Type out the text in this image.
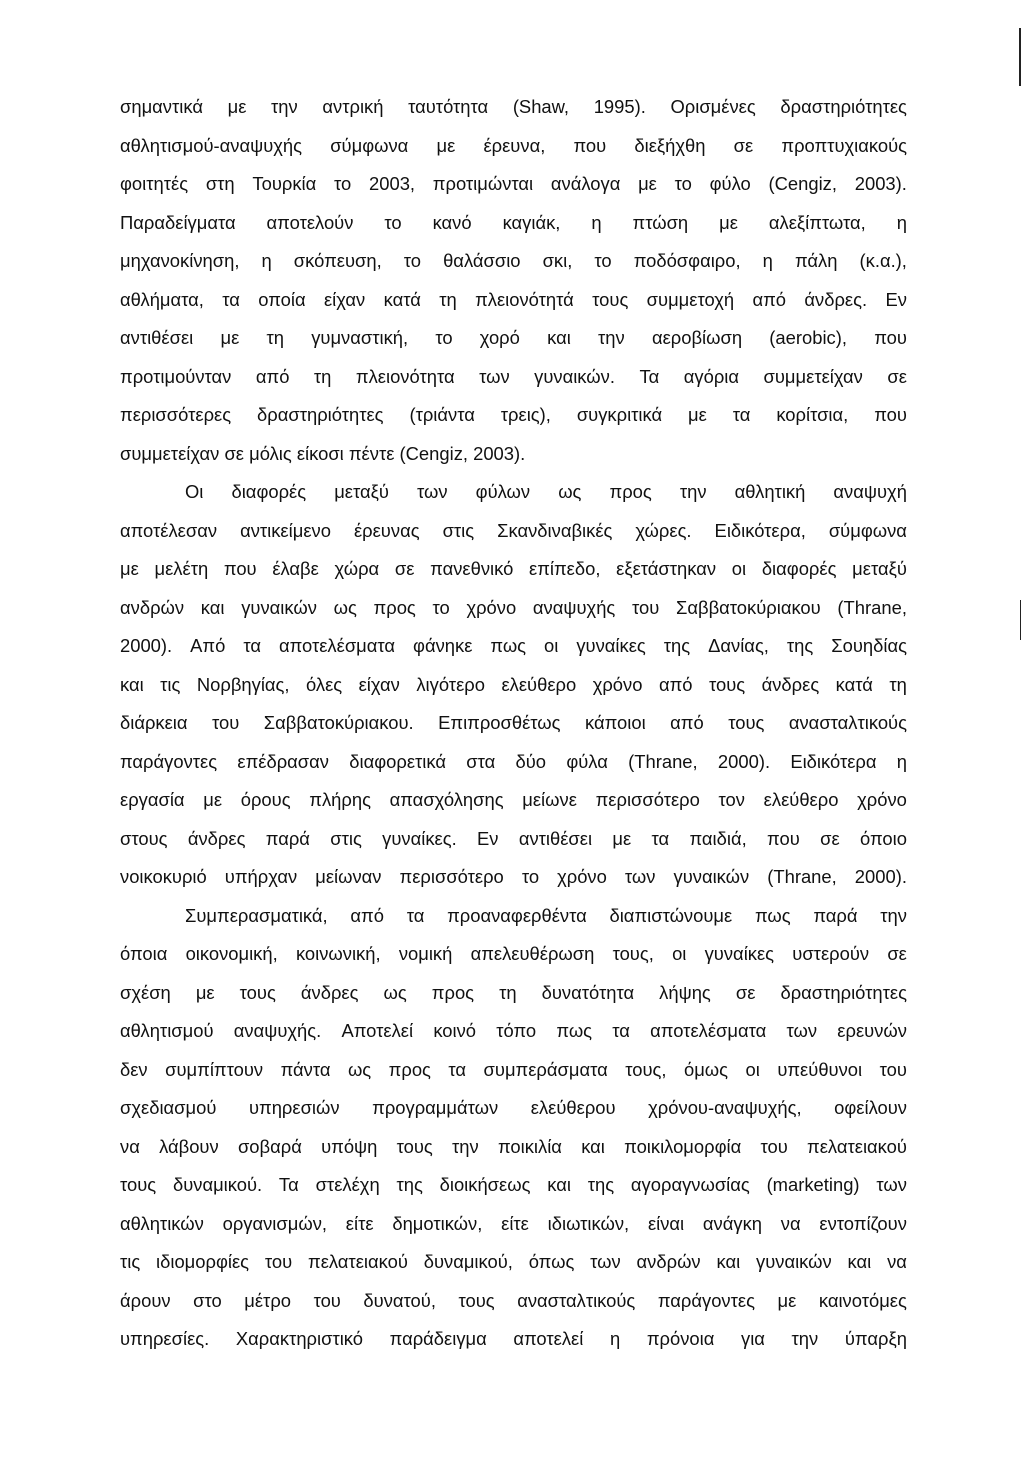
σημαντικά με την αντρική ταυτότητα (Shaw, 1995). Ορισμένες δραστηριότητες
αθλητισμού-αναψυχής σύμφωνα με έρευνα, που διεξήχθη σε προπτυχιακούς
φοιτητές στη Τουρκία το 2003, προτιμώνται ανάλογα με το φύλο (Cengiz, 2003).
Παραδείγματα αποτελούν το κανό καγιάκ, η πτώση με αλεξίπτωτα, η
μηχανοκίνηση, η σκόπευση, το θαλάσσιο σκι, το ποδόσφαιρο, η πάλη (κ.α.),
αθλήματα, τα οποία είχαν κατά τη πλειονότητά τους συμμετοχή από άνδρες. Εν
αντιθέσει με τη γυμναστική, το χορό και την αεροβίωση (aerobic), που
προτιμούνταν από τη πλειονότητα των γυναικών. Τα αγόρια συμμετείχαν σε
περισσότερες δραστηριότητες (τριάντα τρεις), συγκριτικά με τα κορίτσια, που
συμμετείχαν σε μόλις είκοσι πέντε (Cengiz, 2003).
Οι διαφορές μεταξύ των φύλων ως προς την αθλητική αναψυχή
αποτέλεσαν αντικείμενο έρευνας στις Σκανδιναβικές χώρες. Ειδικότερα, σύμφωνα
με μελέτη που έλαβε χώρα σε πανεθνικό επίπεδο, εξετάστηκαν οι διαφορές μεταξύ
ανδρών και γυναικών ως προς το χρόνο αναψυχής του Σαββατοκύριακου (Thrane,
2000). Από τα αποτελέσματα φάνηκε πως οι γυναίκες της Δανίας, της Σουηδίας
και τις Νορβηγίας, όλες είχαν λιγότερο ελεύθερο χρόνο από τους άνδρες κατά τη
διάρκεια του Σαββατοκύριακου. Επιπροσθέτως κάποιοι από τους ανασταλτικούς
παράγοντες επέδρασαν διαφορετικά στα δύο φύλα (Thrane, 2000). Ειδικότερα η
εργασία με όρους πλήρης απασχόλησης μείωνε περισσότερο τον ελεύθερο χρόνο
στους άνδρες παρά στις γυναίκες. Εν αντιθέσει με τα παιδιά, που σε όποιο
νοικοκυριό υπήρχαν μείωναν περισσότερο το χρόνο των γυναικών (Thrane, 2000).
Συμπερασματικά, από τα προαναφερθέντα διαπιστώνουμε πως παρά την
όποια οικονομική, κοινωνική, νομική απελευθέρωση τους, οι γυναίκες υστερούν σε
σχέση με τους άνδρες ως προς τη δυνατότητα λήψης σε δραστηριότητες
αθλητισμού αναψυχής. Αποτελεί κοινό τόπο πως τα αποτελέσματα των ερευνών
δεν συμπίπτουν πάντα ως προς τα συμπεράσματα τους, όμως οι υπεύθυνοι του
σχεδιασμού υπηρεσιών προγραμμάτων ελεύθερου χρόνου-αναψυχής, οφείλουν
να λάβουν σοβαρά υπόψη τους την ποικιλία και ποικιλομορφία του πελατειακού
τους δυναμικού. Τα στελέχη της διοικήσεως και της αγοραγνωσίας (marketing) των
αθλητικών οργανισμών, είτε δημοτικών, είτε ιδιωτικών, είναι ανάγκη να εντοπίζουν
τις ιδιομορφίες του πελατειακού δυναμικού, όπως των ανδρών και γυναικών και να
άρουν στο μέτρο του δυνατού, τους ανασταλτικούς παράγοντες με καινοτόμες
υπηρεσίες. Χαρακτηριστικό παράδειγμα αποτελεί η πρόνοια για την ύπαρξη
